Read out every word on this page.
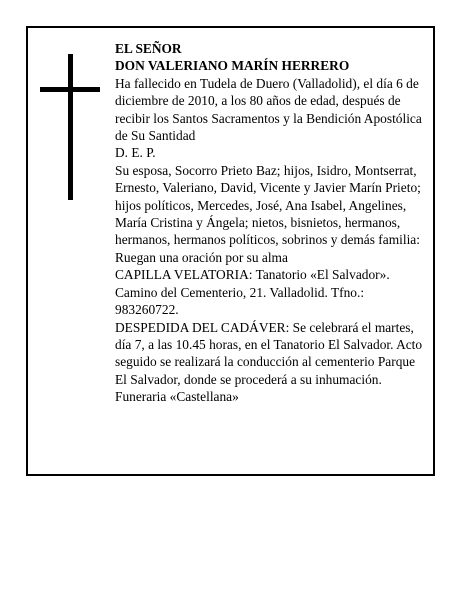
EL SEÑOR

DON VALERIANO MARÍN HERRERO

Ha fallecido en Tudela de Duero (Valladolid), el día 6 de diciembre de 2010, a los 80 años de edad, después de recibir los Santos Sacramentos y la Bendición Apostólica de Su Santidad

D. E. P.

Su esposa, Socorro Prieto Baz; hijos, Isidro, Montserrat, Ernesto, Valeriano, David, Vicente y Javier Marín Prieto; hijos políticos, Mercedes, José, Ana Isabel, Angelines, María Cristina y Ángela; nietos, bisnietos, hermanos, hermanos, hermanos políticos, sobrinos y demás familia:

Ruegan una oración por su alma

CAPILLA VELATORIA: Tanatorio «El Salvador». Camino del Cementerio, 21. Valladolid. Tfno.: 983260722.

DESPEDIDA DEL CADÁVER: Se celebrará el martes, día 7, a las 10.45 horas, en el Tanatorio El Salvador. Acto seguido se realizará la conducción al cementerio Parque El Salvador, donde se procederá a su inhumación.

Funeraria «Castellana»
